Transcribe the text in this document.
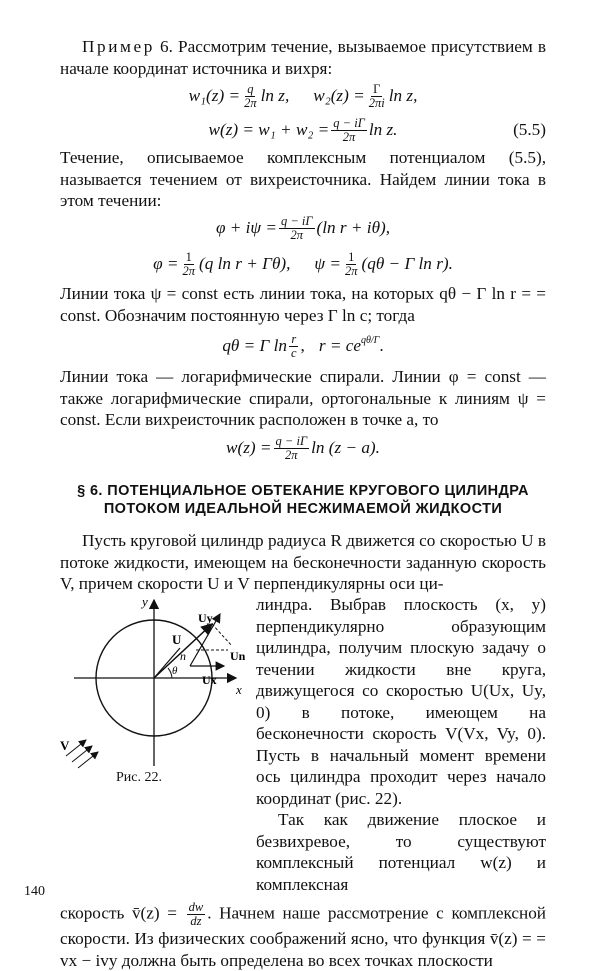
Пример 6. Рассмотрим течение, вызываемое присутствием в начале координат источника и вихря:

$w_1(z) = \frac{q}{2\pi}$ ln z, $w_2(z) = \frac{\Gamma}{2\pi i}$ ln z,
$w(z) = w_1 + w_2 = \frac{q - i\Gamma}{2\pi}$ ln z.	(5.5)

Течение, описываемое комплексным потенциалом (5.5), называется течением от вихреисточника. Найдем линии тока в этом течении:

$\varphi + i\psi = \frac{q - i\Gamma}{2\pi} (\ln$ r + iθ),
$\varphi = \frac{1}{2\pi} (q$ ln r + Γθ), $\psi = \frac{1}{2\pi} (q\theta - \Gamma$ ln r).

Линии тока ψ = const есть линии тока, на которых qθ − Γ ln r = = const. Обозначим постоянную через Γ ln c; тогда

qθ = Γ $\ln \frac{r}{c}$ , $r = ce^{q\theta/\Gamma}$ .

Линии тока — логарифмические спирали. Линии φ = const — также логарифмические спирали, ортогональные к линиям ψ = const. Если вихреисточник расположен в точке a, то

$w(z) = \frac{q - i\Gamma}{2\pi}$ ln (z − a).
§ 6. ПОТЕНЦИАЛЬНОЕ ОБТЕКАНИЕ КРУГОВОГО ЦИЛИНДРА
ПОТОКОМ ИДЕАЛЬНОЙ НЕСЖИМАЕМОЙ ЖИДКОСТИ

Пусть круговой цилиндр радиуса R движется со скоростью U в потоке жидкости, имеющем на бесконечности заданную скорость V, причем скорости U и V перпендикулярны оси ци-

y
x
U
Uy
Ux
Un
n
θ
V
Рис. 22.

линдра. Выбрав плоскость (x, y) перпендикулярно образующим цилиндра, получим плоскую задачу о течении жидкости вне круга, движущегося со скоростью U(Ux, Uy, 0) в потоке, имеющем на бесконечности скорость V(Vx, Vy, 0). Пусть в начальный момент времени ось цилиндра проходит через начало координат (рис. 22).

Так как движение плоское и безвихревое, то существуют комплексный потенциал w(z) и комплексная

скорость v̄(z) = $\frac{dw}{dz}$ . Начнем наше рассмотрение с комплексной скорости. Из физических соображений ясно, что функция v̄(z) = = vx − ivy должна быть определена во всех точках плоскости

140
